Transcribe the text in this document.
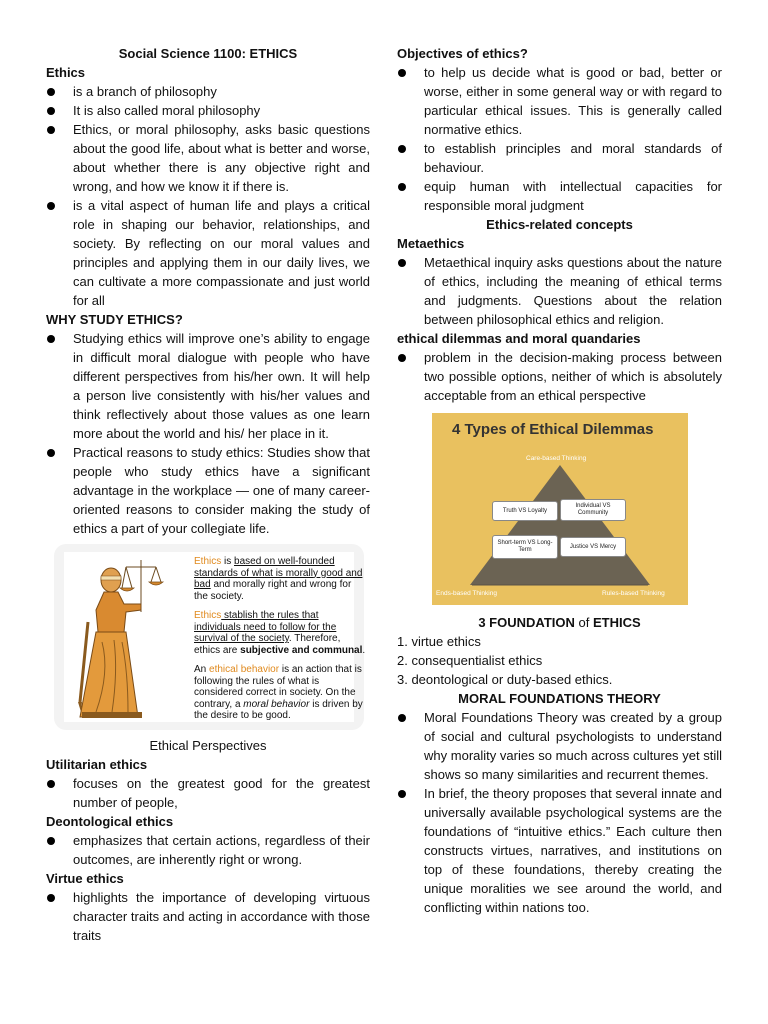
Social Science 1100: ETHICS
Ethics
is a branch of philosophy
It is also called moral philosophy
Ethics, or moral philosophy, asks basic questions about the good life, about what is better and worse, about whether there is any objective right and wrong, and how we know it if there is.
is a vital aspect of human life and plays a critical role in shaping our behavior, relationships, and society. By reflecting on our moral values and principles and applying them in our daily lives, we can cultivate a more compassionate and just world for all
WHY STUDY ETHICS?
Studying ethics will improve one’s ability to engage in difficult moral dialogue with people who have different perspectives from his/her own. It will help a person live consistently with his/her values and think reflectively about those values as one learn more about the world and his/ her place in it.
Practical reasons to study ethics: Studies show that people who study ethics have a significant advantage in the workplace — one of many career-oriented reasons to consider making the study of ethics a part of your collegiate life.

Ethics is based on well-founded standards of what is morally good and bad and morally right and wrong for the society.

Ethics stablish the rules that individuals need to follow for the survival of the society. Therefore, ethics are subjective and communal.

An ethical behavior is an action that is following the rules of what is considered correct in society. On the contrary, a moral behavior is driven by the desire to be good.

Ethical Perspectives
Utilitarian ethics
focuses on the greatest good for the greatest number of people,
Deontological ethics
emphasizes that certain actions, regardless of their outcomes, are inherently right or wrong.
Virtue ethics
highlights the importance of developing virtuous character traits and acting in accordance with those traits
Objectives of ethics?
to help us decide what is good or bad, better or worse, either in some general way or with regard to particular ethical issues. This is generally called normative ethics.
to establish principles and moral standards of behaviour.
equip human with intellectual capacities for responsible moral judgment
Ethics-related concepts
Metaethics
Metaethical inquiry asks questions about the nature of ethics, including the meaning of ethical terms and judgments. Questions about the relation between philosophical ethics and religion.
ethical dilemmas and moral quandaries
problem in the decision-making process between two possible options, neither of which is absolutely acceptable from an ethical perspective
4 Types of Ethical Dilemmas
Care-based Thinking
Ends-based Thinking	Rules-based Thinking
Truth VS Loyalty
Individual VS Community
Short-term VS Long-Term
Justice VS Mercy
3 FOUNDATION of ETHICS
1. virtue ethics
2. consequentialist ethics
3. deontological or duty-based ethics.
MORAL FOUNDATIONS THEORY
Moral Foundations Theory was created by a group of social and cultural psychologists to understand why morality varies so much across cultures yet still shows so many similarities and recurrent themes.
In brief, the theory proposes that several innate and universally available psychological systems are the foundations of “intuitive ethics.” Each culture then constructs virtues, narratives, and institutions on top of these foundations, thereby creating the unique moralities we see around the world, and conflicting within nations too.
